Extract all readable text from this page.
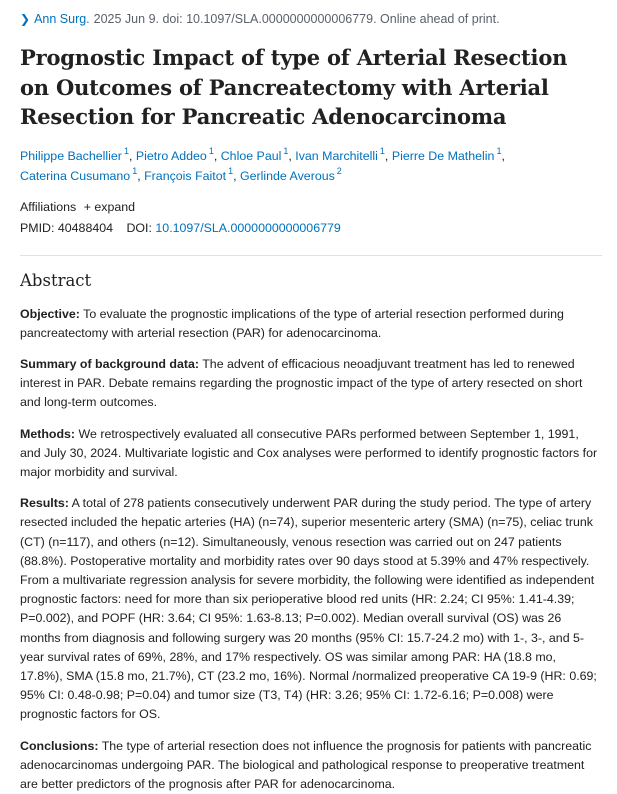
❯ Ann Surg. 2025 Jun 9. doi: 10.1097/SLA.0000000000006779. Online ahead of print.
Prognostic Impact of type of Arterial Resection on Outcomes of Pancreatectomy with Arterial Resection for Pancreatic Adenocarcinoma
Philippe Bachellier $^1$, Pietro Addeo $^1$, Chloe Paul $^1$, Ivan Marchitelli $^1$, Pierre De Mathelin $^1$,
Caterina Cusumano $^1$, François Faitot $^1$, Gerlinde Averous $^2$
Affiliations + expand
PMID: 40488404 DOI: 10.1097/SLA.0000000000006779
Abstract
Objective: To evaluate the prognostic implications of the type of arterial resection performed during pancreatectomy with arterial resection (PAR) for adenocarcinoma.
Summary of background data: The advent of efficacious neoadjuvant treatment has led to renewed interest in PAR. Debate remains regarding the prognostic impact of the type of artery resected on short and long-term outcomes.
Methods: We retrospectively evaluated all consecutive PARs performed between September 1, 1991, and July 30, 2024. Multivariate logistic and Cox analyses were performed to identify prognostic factors for major morbidity and survival.
Results: A total of 278 patients consecutively underwent PAR during the study period. The type of artery resected included the hepatic arteries (HA) (n=74), superior mesenteric artery (SMA) (n=75), celiac trunk (CT) (n=117), and others (n=12). Simultaneously, venous resection was carried out on 247 patients (88.8%). Postoperative mortality and morbidity rates over 90 days stood at 5.39% and 47% respectively. From a multivariate regression analysis for severe morbidity, the following were identified as independent prognostic factors: need for more than six perioperative blood red units (HR: 2.24; CI 95%: 1.41-4.39; P=0.002), and POPF (HR: 3.64; CI 95%: 1.63-8.13; P=0.002). Median overall survival (OS) was 26 months from diagnosis and following surgery was 20 months (95% CI: 15.7-24.2 mo) with 1-, 3-, and 5-year survival rates of 69%, 28%, and 17% respectively. OS was similar among PAR: HA (18.8 mo, 17.8%), SMA (15.8 mo, 21.7%), CT (23.2 mo, 16%). Normal /normalized preoperative CA 19-9 (HR: 0.69; 95% CI: 0.48-0.98; P=0.04) and tumor size (T3, T4) (HR: 3.26; 95% CI: 1.72-6.16; P=0.008) were prognostic factors for OS.
Conclusions: The type of arterial resection does not influence the prognosis for patients with pancreatic adenocarcinomas undergoing PAR. The biological and pathological response to preoperative treatment are better predictors of the prognosis after PAR for adenocarcinoma.
